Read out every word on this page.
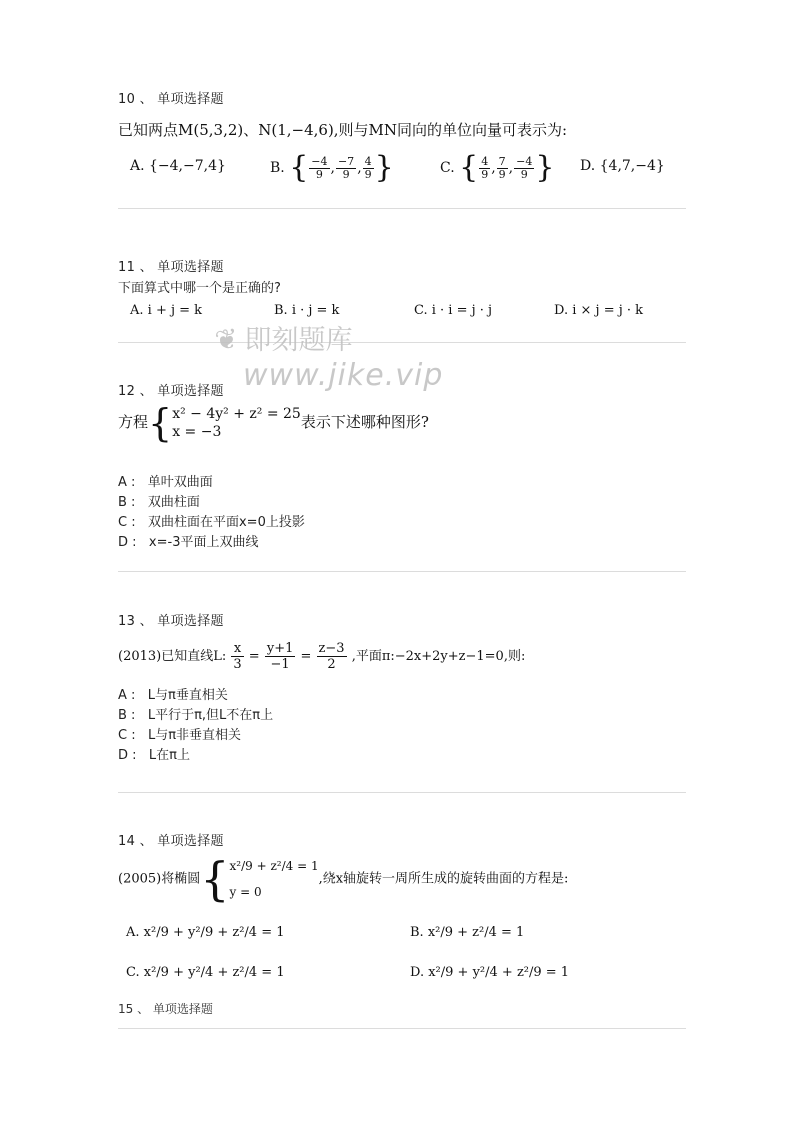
10 、 单项选择题
已知两点M(5,3,2)、N(1,−4,6),则与MN同向的单位向量可表示为:
A. {−4,−7,4}	B. { $\frac{-4}{9}$ , $\frac{-7}{9}$ , $\frac{4}{9}$ }	C. { $\frac{4}{9}$ , $\frac{7}{9}$ , $\frac{-4}{9}$ } D. {4,7,−4}
11 、 单项选择题
下面算式中哪一个是正确的?
A. i + j = k	B. i · j = k	C. i · i = j · j	D. i × j = j · k
12 、 单项选择题
方程{ x² − 4y² + z² = 25
x = −3
表示下述哪种图形?
A :   单叶双曲面
B :   双曲柱面
C :   双曲柱面在平面x=0上投影
D :   x=-3平面上双曲线
13 、 单项选择题
(2013)已知直线L: $\frac{x}{3} = \frac{y+1}{-1} = \frac{z-3}{2}$ ,平面π:−2x+2y+z−1=0,则:
A :   L与π垂直相关
B :   L平行于π,但L不在π上
C :   L与π非垂直相关
D :   L在π上
14 、 单项选择题
(2005)将椭圆{ x²/9 + z²/4 = 1
y = 0
,绕x轴旋转一周所生成的旋转曲面的方程是:
A. x²/9 + y²/9 + z²/4 = 1	B. x²/9 + z²/4 = 1
C. x²/9 + y²/4 + z²/4 = 1	D. x²/9 + y²/4 + z²/9 = 1
15 、 单项选择题
❦ 即刻题库
www.jike.vip
